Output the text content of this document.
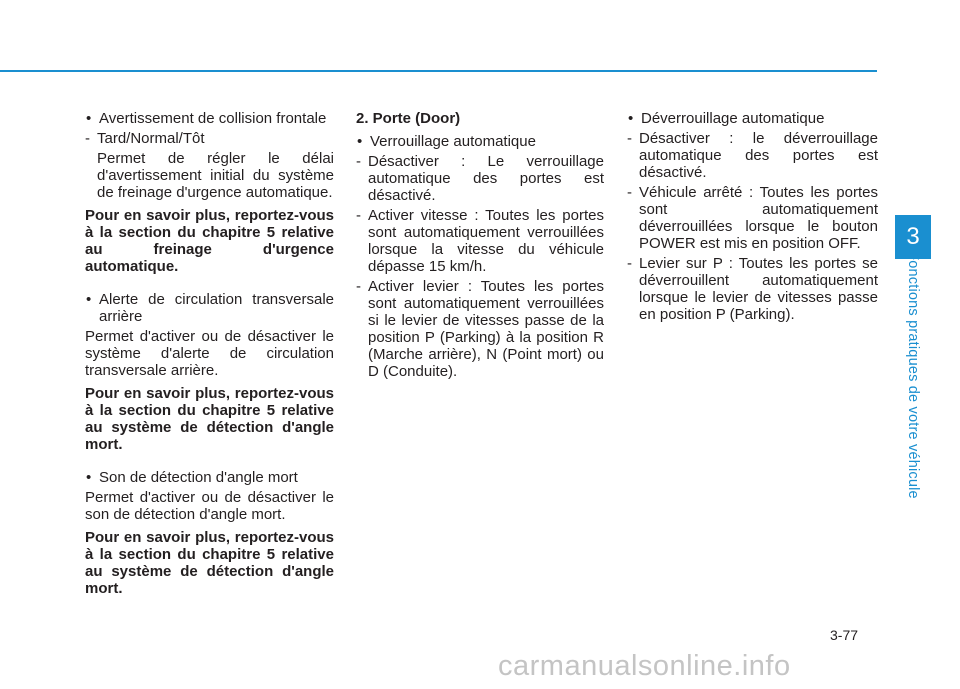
• Avertissement de collision frontale

- Tard/Normal/Tôt

Permet de régler le délai d'avertissement initial du système de freinage d'urgence automatique.

Pour en savoir plus, reportez-vous à la section du chapitre 5 relative au freinage d'urgence automatique.

• Alerte de circulation transversale arrière

Permet d'activer ou de désactiver le système d'alerte de circulation transversale arrière.

Pour en savoir plus, reportez-vous à la section du chapitre 5 relative au système de détection d'angle mort.

• Son de détection d'angle mort

Permet d'activer ou de désactiver le son de détection d'angle mort.

Pour en savoir plus, reportez-vous à la section du chapitre 5 relative au système de détection d'angle mort.

2. Porte (Door)

• Verrouillage automatique

- Désactiver : Le verrouillage automatique des portes est désactivé.

- Activer vitesse : Toutes les portes sont automatiquement verrouillées lorsque la vitesse du véhicule dépasse 15 km/h.

- Activer levier : Toutes les portes sont automatiquement verrouillées si le levier de vitesses passe de la position P (Parking) à la position R (Marche arrière), N (Point mort) ou D (Conduite).

• Déverrouillage automatique

- Désactiver : le déverrouillage automatique des portes est désactivé.

- Véhicule arrêté : Toutes les portes sont automatiquement déverrouillées lorsque le bouton POWER est mis en position OFF.

- Levier sur P : Toutes les portes se déverrouillent automatiquement lorsque le levier de vitesses passe en position P (Parking).

3
Fonctions pratiques de votre véhicule
3-77
carmanualsonline.info
